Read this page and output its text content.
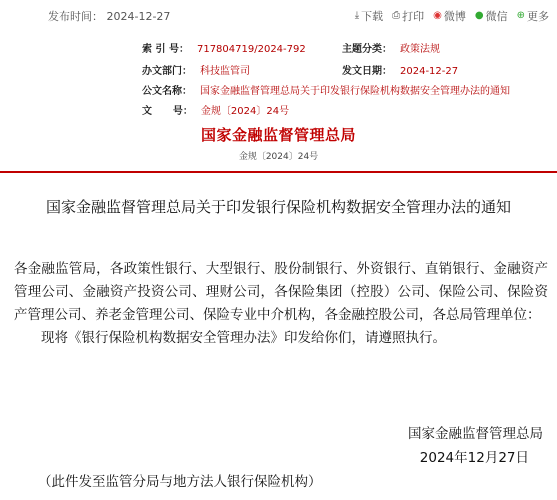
发布时间： 2024-12-27	⤓ 下载 ⎙ 打印 ◉ 微博 ● 微信 ⊕ 更多
索 引 号： 717804719/2024-792	主题分类： 政策法规
办文部门： 科技监管司	发文日期： 2024-12-27
公文名称： 国家金融监督管理总局关于印发银行保险机构数据安全管理办法的通知
文      号： 金规〔2024〕24号
国家金融监督管理总局
金规〔2024〕24号
国家金融监督管理总局关于印发银行保险机构数据安全管理办法的通知

各金融监管局，各政策性银行、大型银行、股份制银行、外资银行、直销银行、金融资产管理公司、金融资产投资公司、理财公司，各保险集团（控股）公司、保险公司、保险资产管理公司、养老金管理公司、保险专业中介机构，各金融控股公司，各总局管理单位：

现将《银行保险机构数据安全管理办法》印发给你们，请遵照执行。

国家金融监督管理总局
2024年12月27日
（此件发至监管分局与地方法人银行保险机构）
